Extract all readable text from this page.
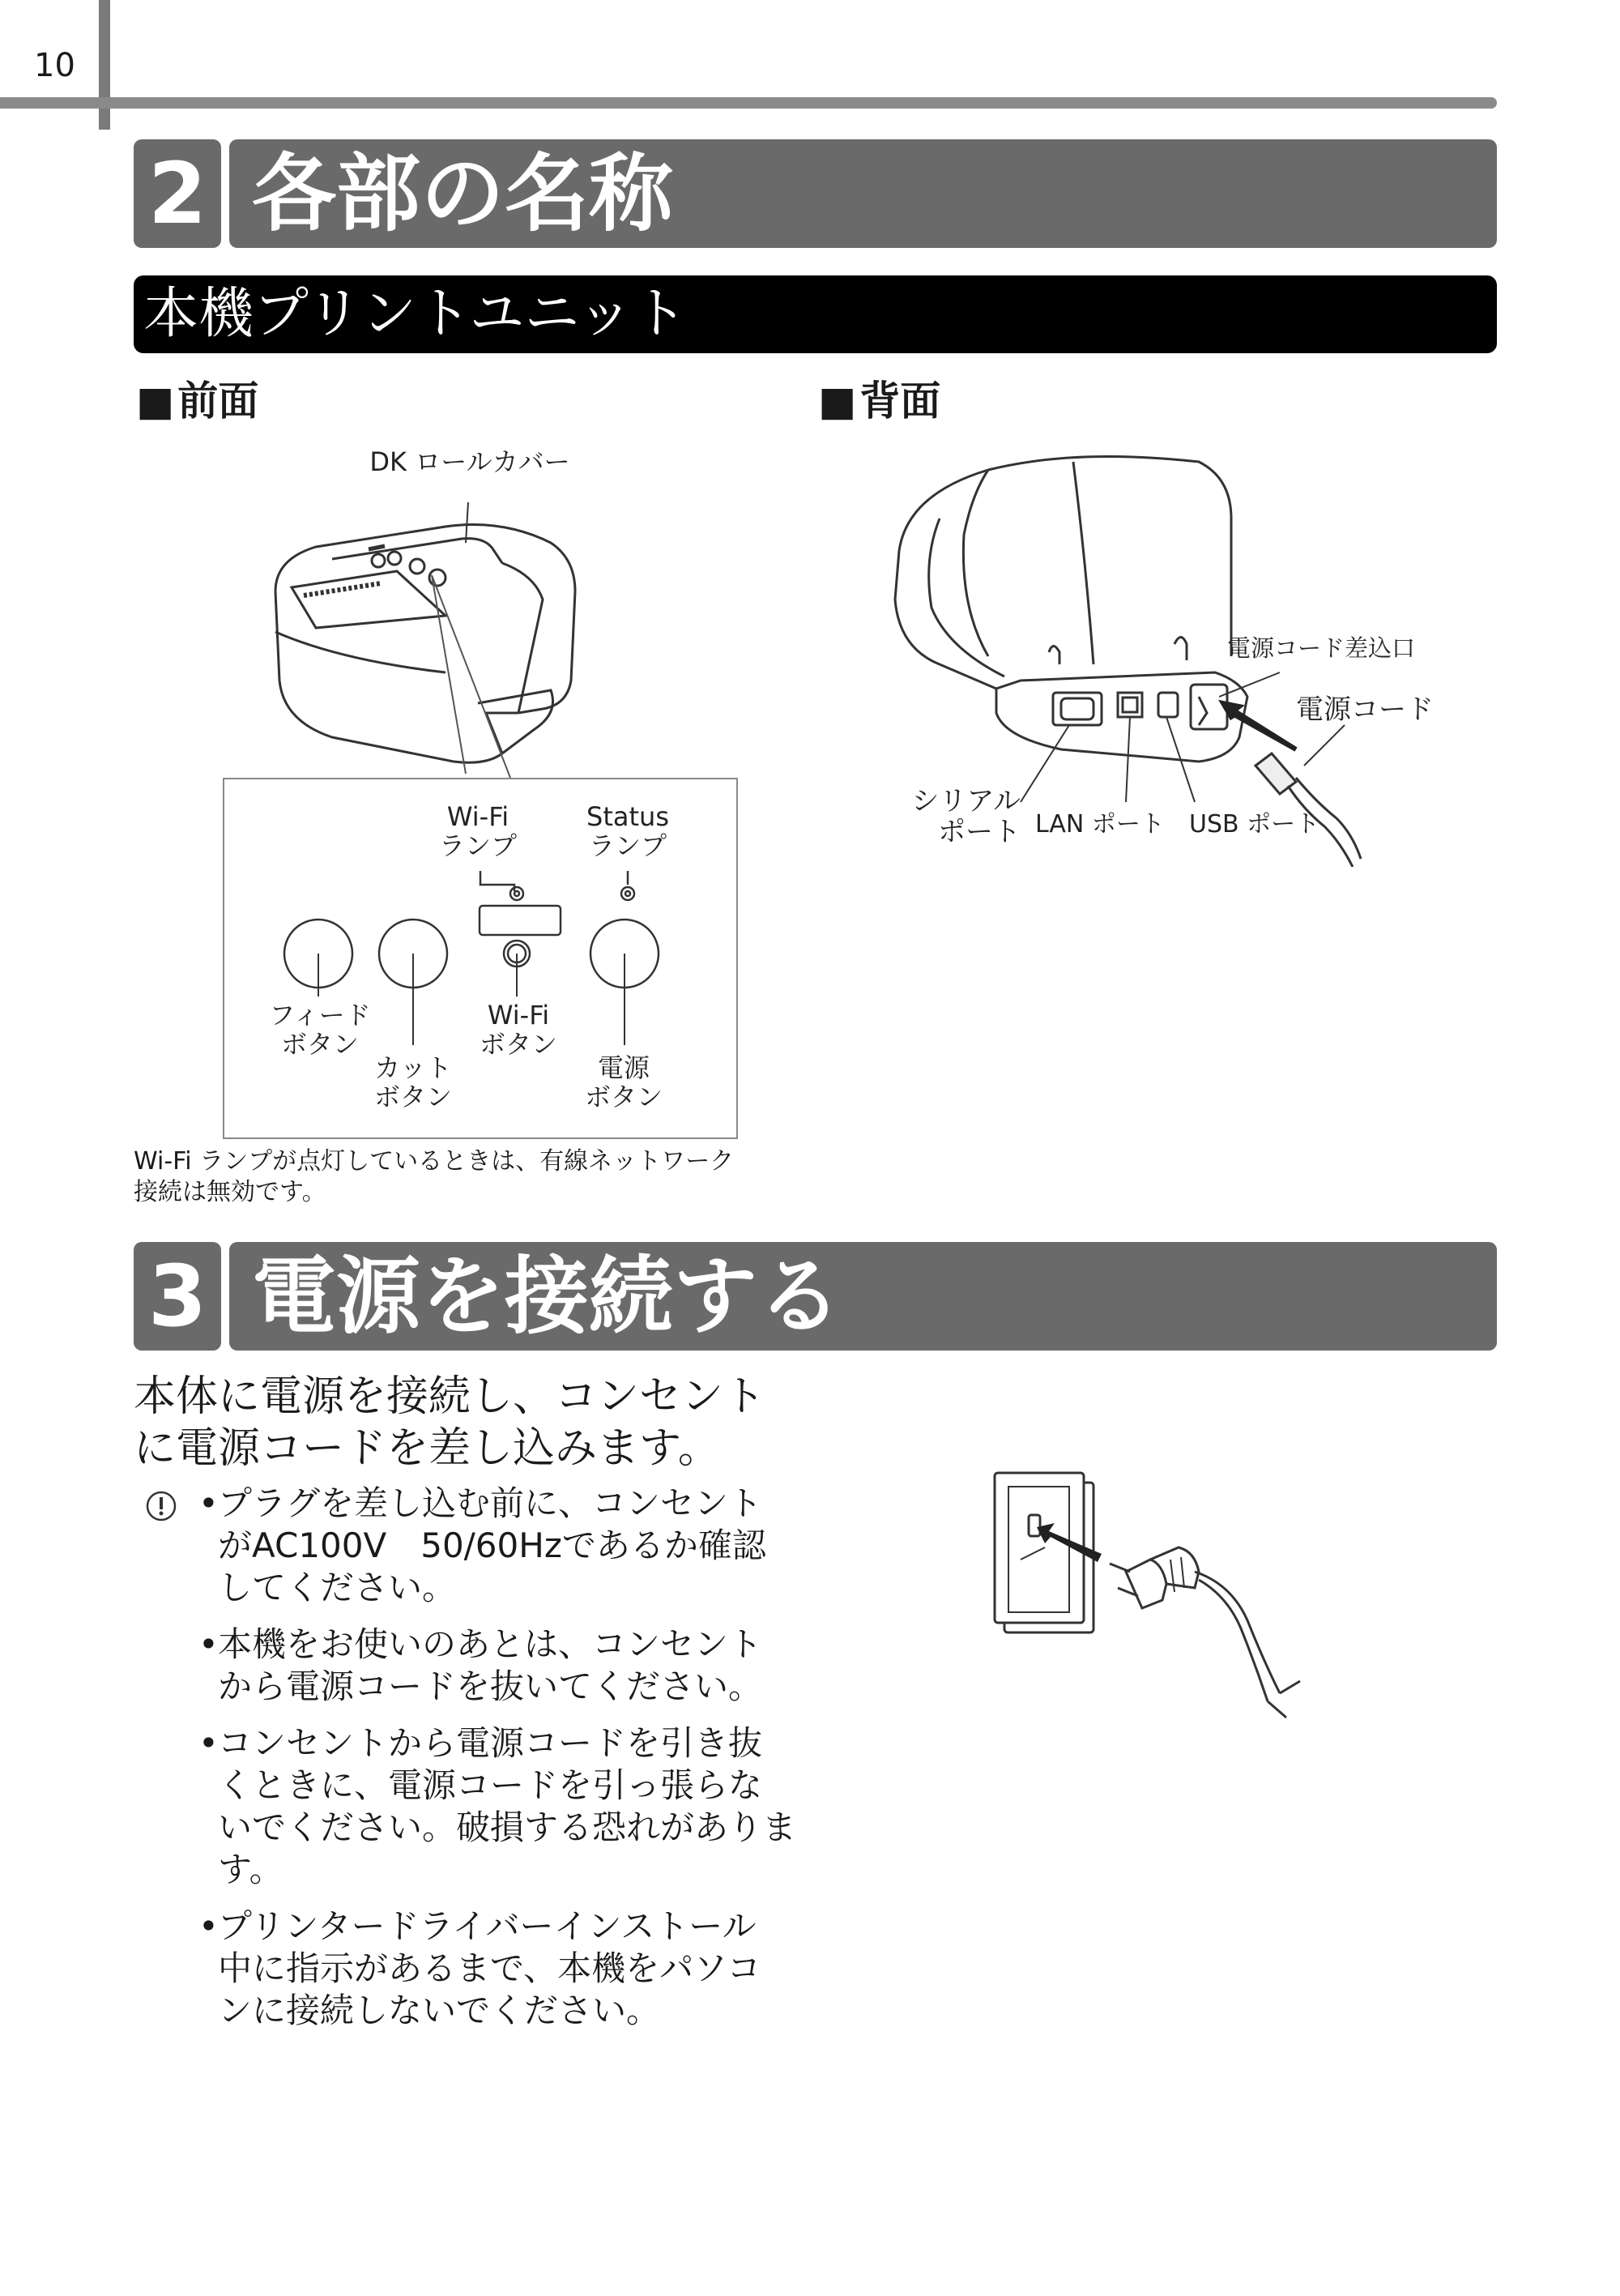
10
2 各部の名称
本機プリントユニット
■ 前面
■	背面
DK ロールカバー
Wi-Fi
ランプ
Status
ランプ
フィード
ボタン
カット
ボタン
Wi-Fi
ボタン
電源
ボタン
Wi-Fi ランプが点灯しているときは、有線ネットワーク
接続は無効です。
電源コード差込口
電源コード
シリアル
ポート LAN ポート USB ポート
3 電源を接続する
本体に電源を接続し、コンセント
に電源コードを差し込みます。
• プラグを差し込む前に、コンセント
がAC100V　50/60Hzであるか確認
してください。
• 本機をお使いのあとは、コンセント
から電源コードを抜いてください。
• コンセントから電源コードを引き抜
くときに、電源コードを引っ張らな
いでください。破損する恐れがありま
す。
• プリンタードライバーインストール
中に指示があるまで、本機をパソコ
ンに接続しないでください。
